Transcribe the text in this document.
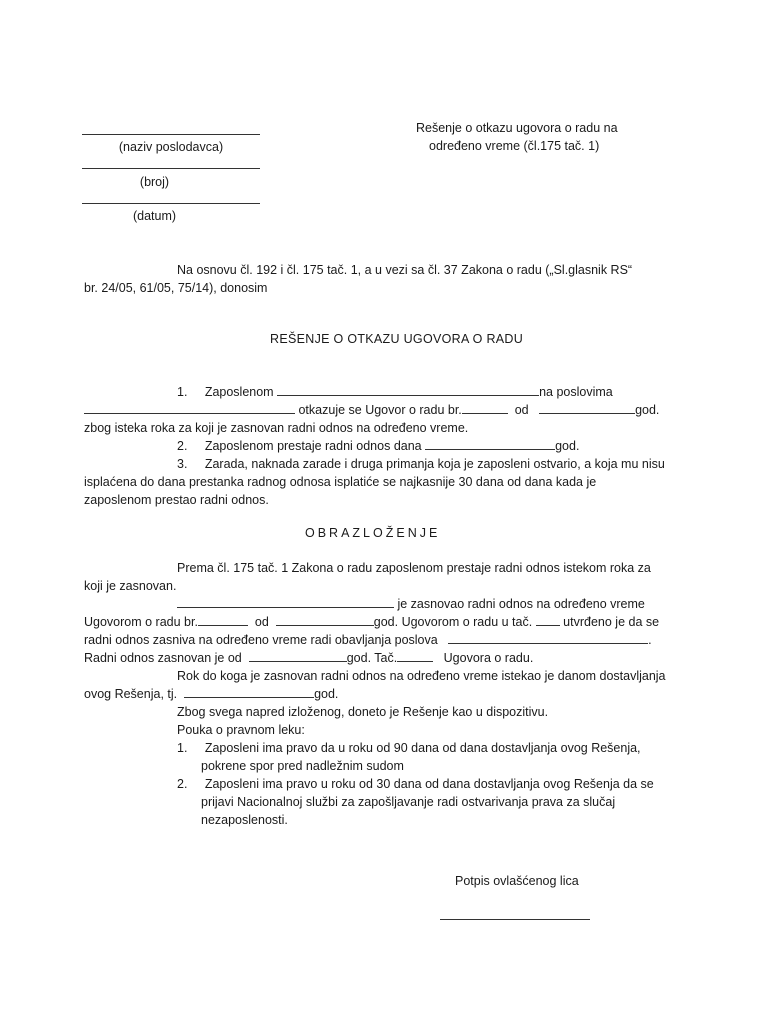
(naziv poslodavca)
(broj)
(datum)
Rešenje o otkazu ugovora o radu na
određeno vreme (čl.175 tač. 1)
Na osnovu čl. 192 i čl. 175 tač. 1, a u vezi sa čl. 37 Zakona o radu („Sl.glasnik RS“
br. 24/05, 61/05, 75/14), donosim
REŠENJE O OTKAZU UGOVORA O RADU
1. Zaposlenom	na poslovima
otkazuje se Ugovor o radu br.	od	god.
zbog isteka roka za koji je zasnovan radni odnos na određeno vreme.
2. Zaposlenom prestaje radni odnos dana	god.
3. Zarada, naknada zarade i druga primanja koja je zaposleni ostvario, a koja mu nisu
isplaćena do dana prestanka radnog odnosa isplatiće se najkasnije 30 dana od dana kada je
zaposlenom prestao radni odnos.
OBRAZLOŽENJE
Prema čl. 175 tač. 1 Zakona o radu zaposlenom prestaje radni odnos istekom roka za
koji je zasnovan.
je zasnovao radni odnos na određeno vreme
Ugovorom o radu br.	od	god. Ugovorom o radu u tač. utvrđeno je da se
radni odnos zasniva na određeno vreme radi obavljanja poslova	.
Radni odnos zasnovan je od	god. Tač.	Ugovora o radu.
Rok do koga je zasnovan radni odnos na određeno vreme istekao je danom dostavljanja
ovog Rešenja, tj.	god.
Zbog svega napred izloženog, doneto je Rešenje kao u dispozitivu.
Pouka o pravnom leku:
1. Zaposleni ima pravo da u roku od 90 dana od dana dostavljanja ovog Rešenja,
pokrene spor pred nadležnim sudom
2. Zaposleni ima pravo u roku od 30 dana od dana dostavljanja ovog Rešenja da se
prijavi Nacionalnoj službi za zapošljavanje radi ostvarivanja prava za slučaj
nezaposlenosti.
Potpis ovlašćenog lica
